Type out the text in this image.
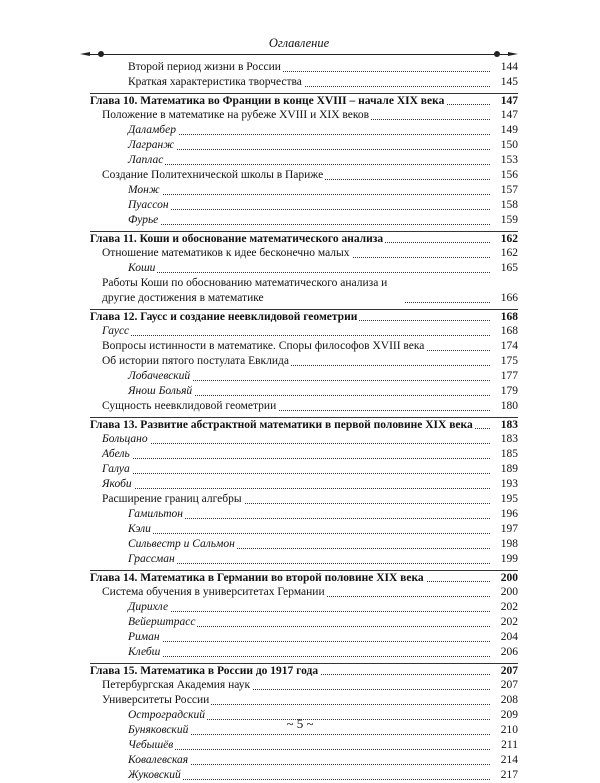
Оглавление
Второй период жизни в России	144
Краткая характеристика творчества	145
Глава 10. Математика во Франции в конце XVIII – начале XIX века	147
Положение в математике на рубеже XVIII и XIX веков	147
Даламбер	149
Лагранж	150
Лаплас	153
Создание Политехнической школы в Париже	156
Монж	157
Пуассон	158
Фурье	159
Глава 11. Коши и обоснование математического анализа	162
Отношение математиков к идее бесконечно малых	162
Коши	165
Работы Коши по обоснованию математического анализа и другие достижения в математике	166
Глава 12. Гаусс и создание неевклидовой геометрии	168
Гаусс	168
Вопросы истинности в математике. Споры философов XVIII века	174
Об истории пятого постулата Евклида	175
Лобачевский	177
Янош Больяй	179
Сущность неевклидовой геометрии	180
Глава 13. Развитие абстрактной математики в первой половине XIX века	183
Больцано	183
Абель	185
Галуа	189
Якоби	193
Расширение границ алгебры	195
Гамильтон	196
Кэли	197
Сильвестр и Сальмон	198
Грассман	199
Глава 14. Математика в Германии во второй половине XIX века	200
Система обучения в университетах Германии	200
Дирихле	202
Вейерштрасс	202
Риман	204
Клебш	206
Глава 15. Математика в России до 1917 года	207
Петербургская Академия наук	207
Университеты России	208
Остроградский	209
Буняковский	210
Чебышёв	211
Ковалевская	214
Жуковский	217
~ 5 ~
